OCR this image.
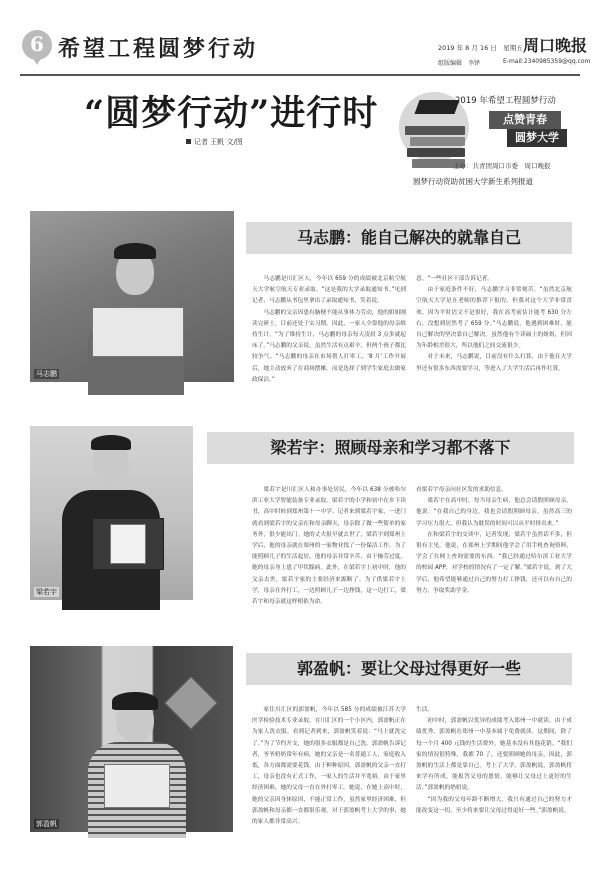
6 希望工程圆梦行动	2019 年 8 月 16 日　星期五 周口晚报
组版编辑　李铎	E-mail:2340985359@qq.com
“圆梦行动”进行时
记者 王帆 文/图
2019 年希望工程圆梦行动
点赞青春
圆梦大学
主办：共青团周口市委　周口晚报
圆梦行动资助贫困大学新生系列报道
马志鹏
马志鹏：能自己解决的就靠自己

马志鹏是川汇区人，今年以 659 分的成绩被北京航空航天大学航空航天专业录取。“这是我的大学录取通知书。”见到记者，马志鹏从书包里拿出了录取通知书，笑着说。

马志鹏的父亲因患有脑梗不能从事体力劳动，他的姐姐刚读完研士，目前还处于实习期。因此，一家人全靠他的母亲维持生计。“为了维持生计，马志鹏的母亲每天凌晨 3 点多就起床了。”马志鹏的父亲说，虽然生活有点艰辛，但两个孩子都比较争气。“马志鹏的母亲在市场帮人打零工，‘8 月’工作开展后，她主动放弃了在商场摆摊，而是选择了到学生家庭去做家政保洁。”

意。“一些社区干部告诉记者。

由于家庭条件不好，马志鹏学习非常刻苦。“虽然北京航空航天大学是在老师的推荐下报的，但我对这个大学非常喜欢。因为平时语文不是很好，我在高考前估计能考 630 分左右，没想到居然考了 659 分。”马志鹏说，他遇到困难时，能自己解决的坚决靠自己解决。虽然他有个读硕士的姐姐，但因为年龄相差很大，所以他们之间交流很少。

对于未来，马志鹏说，目前没有什么打算，由于他在大学里还有很多东西需要学习，等进入了大学生活后再作打算。

梁若宇
梁若宇：照顾母亲和学习都不落下

梁若宇是川汇区人和办事处居民，今年以 638 分被哈尔滨工业大学智能装备专业录取。梁若宇的小学和初中在乡下读书，高中时转到郑州第十一中学。记者来到梁若宇家，一进门就看到梁若宇的父亲在和母亲聊天，母亲除了做一些简单的家务外，很少能出门。她的丈夫很早就去世了，梁若宇到郑州上学后，他的母亲就在郑州的一家物业找了一份保洁工作。为了能照顾儿子的生活起居，他的母亲非常辛苦，由于操劳过度，她的母亲身上患了甲状腺病。此外，在梁若宇上初中时，他的父亲去世，梁若宇家的主要经济来源断了。为了供梁若宇上学，母亲在外打工，一边照顾儿子一边挣钱，这一边打工，梁若宇和母亲就这样相依为命。

看梁若宇母亲向社区发的求助信息。

梁若宇在高中时，每当母亲生病，他总会请假照顾母亲。他说：“在我自己的身边，我也会请假照顾母亲。虽然高三的学习压力很大，但我认为耽误的时间可以从平时挤出来。”

在和梁若宇的交谈中，记者发现，梁若宇虽然话不多，但很有主见。他说，在郑州上学期间他学会了用手机查询资料，学会了在网上查询需要的东西。“我已经通过哈尔滨工业大学的校园 APP，对学校的情况有了一定了解。”梁若宇说，到了大学后，他希望能够通过自己的努力打工挣钱，还可以有自己的努力，争取奖助学金。

郭盈帆
郭盈帆：要让父母过得更好一些

家住川汇区的郭盈帆，今年以 585 分的成绩被江苏大学医学检验技术专业录取。在川汇区的一个小区内，郭盈帆正在为家人洗衣服。看到记者到来，郭盈帆笑着说：“马上就洗完了。”为了节约开支，她的很多衣服都是自己洗。郭盈帆告诉记者，爷爷奶奶常年有病，她的父亲是一名普通工人，家庭收入低，各方面都需要花钱。由于种种原因，郭盈帆的父亲一直打工，母亲也没有正式工作，一家人的生活并不宽裕。由于家里经济困难，她的父母一直在外打零工。她说，在她上高中时，她的父亲因身体原因，不能正常工作，虽然家里经济困难，但郭盈帆和母亲都一直都很乐观。对于郭盈帆考上大学的事，她的家人都非常高兴。

生活。

初中时，郭盈帆以优异的成绩考入郑州一中就读。由于成绩优秀，郭盈帆在郑州一中基本属于免费就读。这期间，除了每一个月 400 元钱的生活费外，她基本没有其他花销。“我们家的情况很特殊，我都 70 了，还要照顾她的母亲，因此，郭盈帆的生活上都是靠自己。考上了大学，郭盈帆说，郭盈帆将来学有所成，能报答父母的恩情，能够让父母过上更好的生活。”郭盈帆的奶奶说。

“因为我的父母年龄不断增大，我只有通过自己的努力才能改变这一切，至少将来要让父母过得更好一些。”郭盈帆说。
